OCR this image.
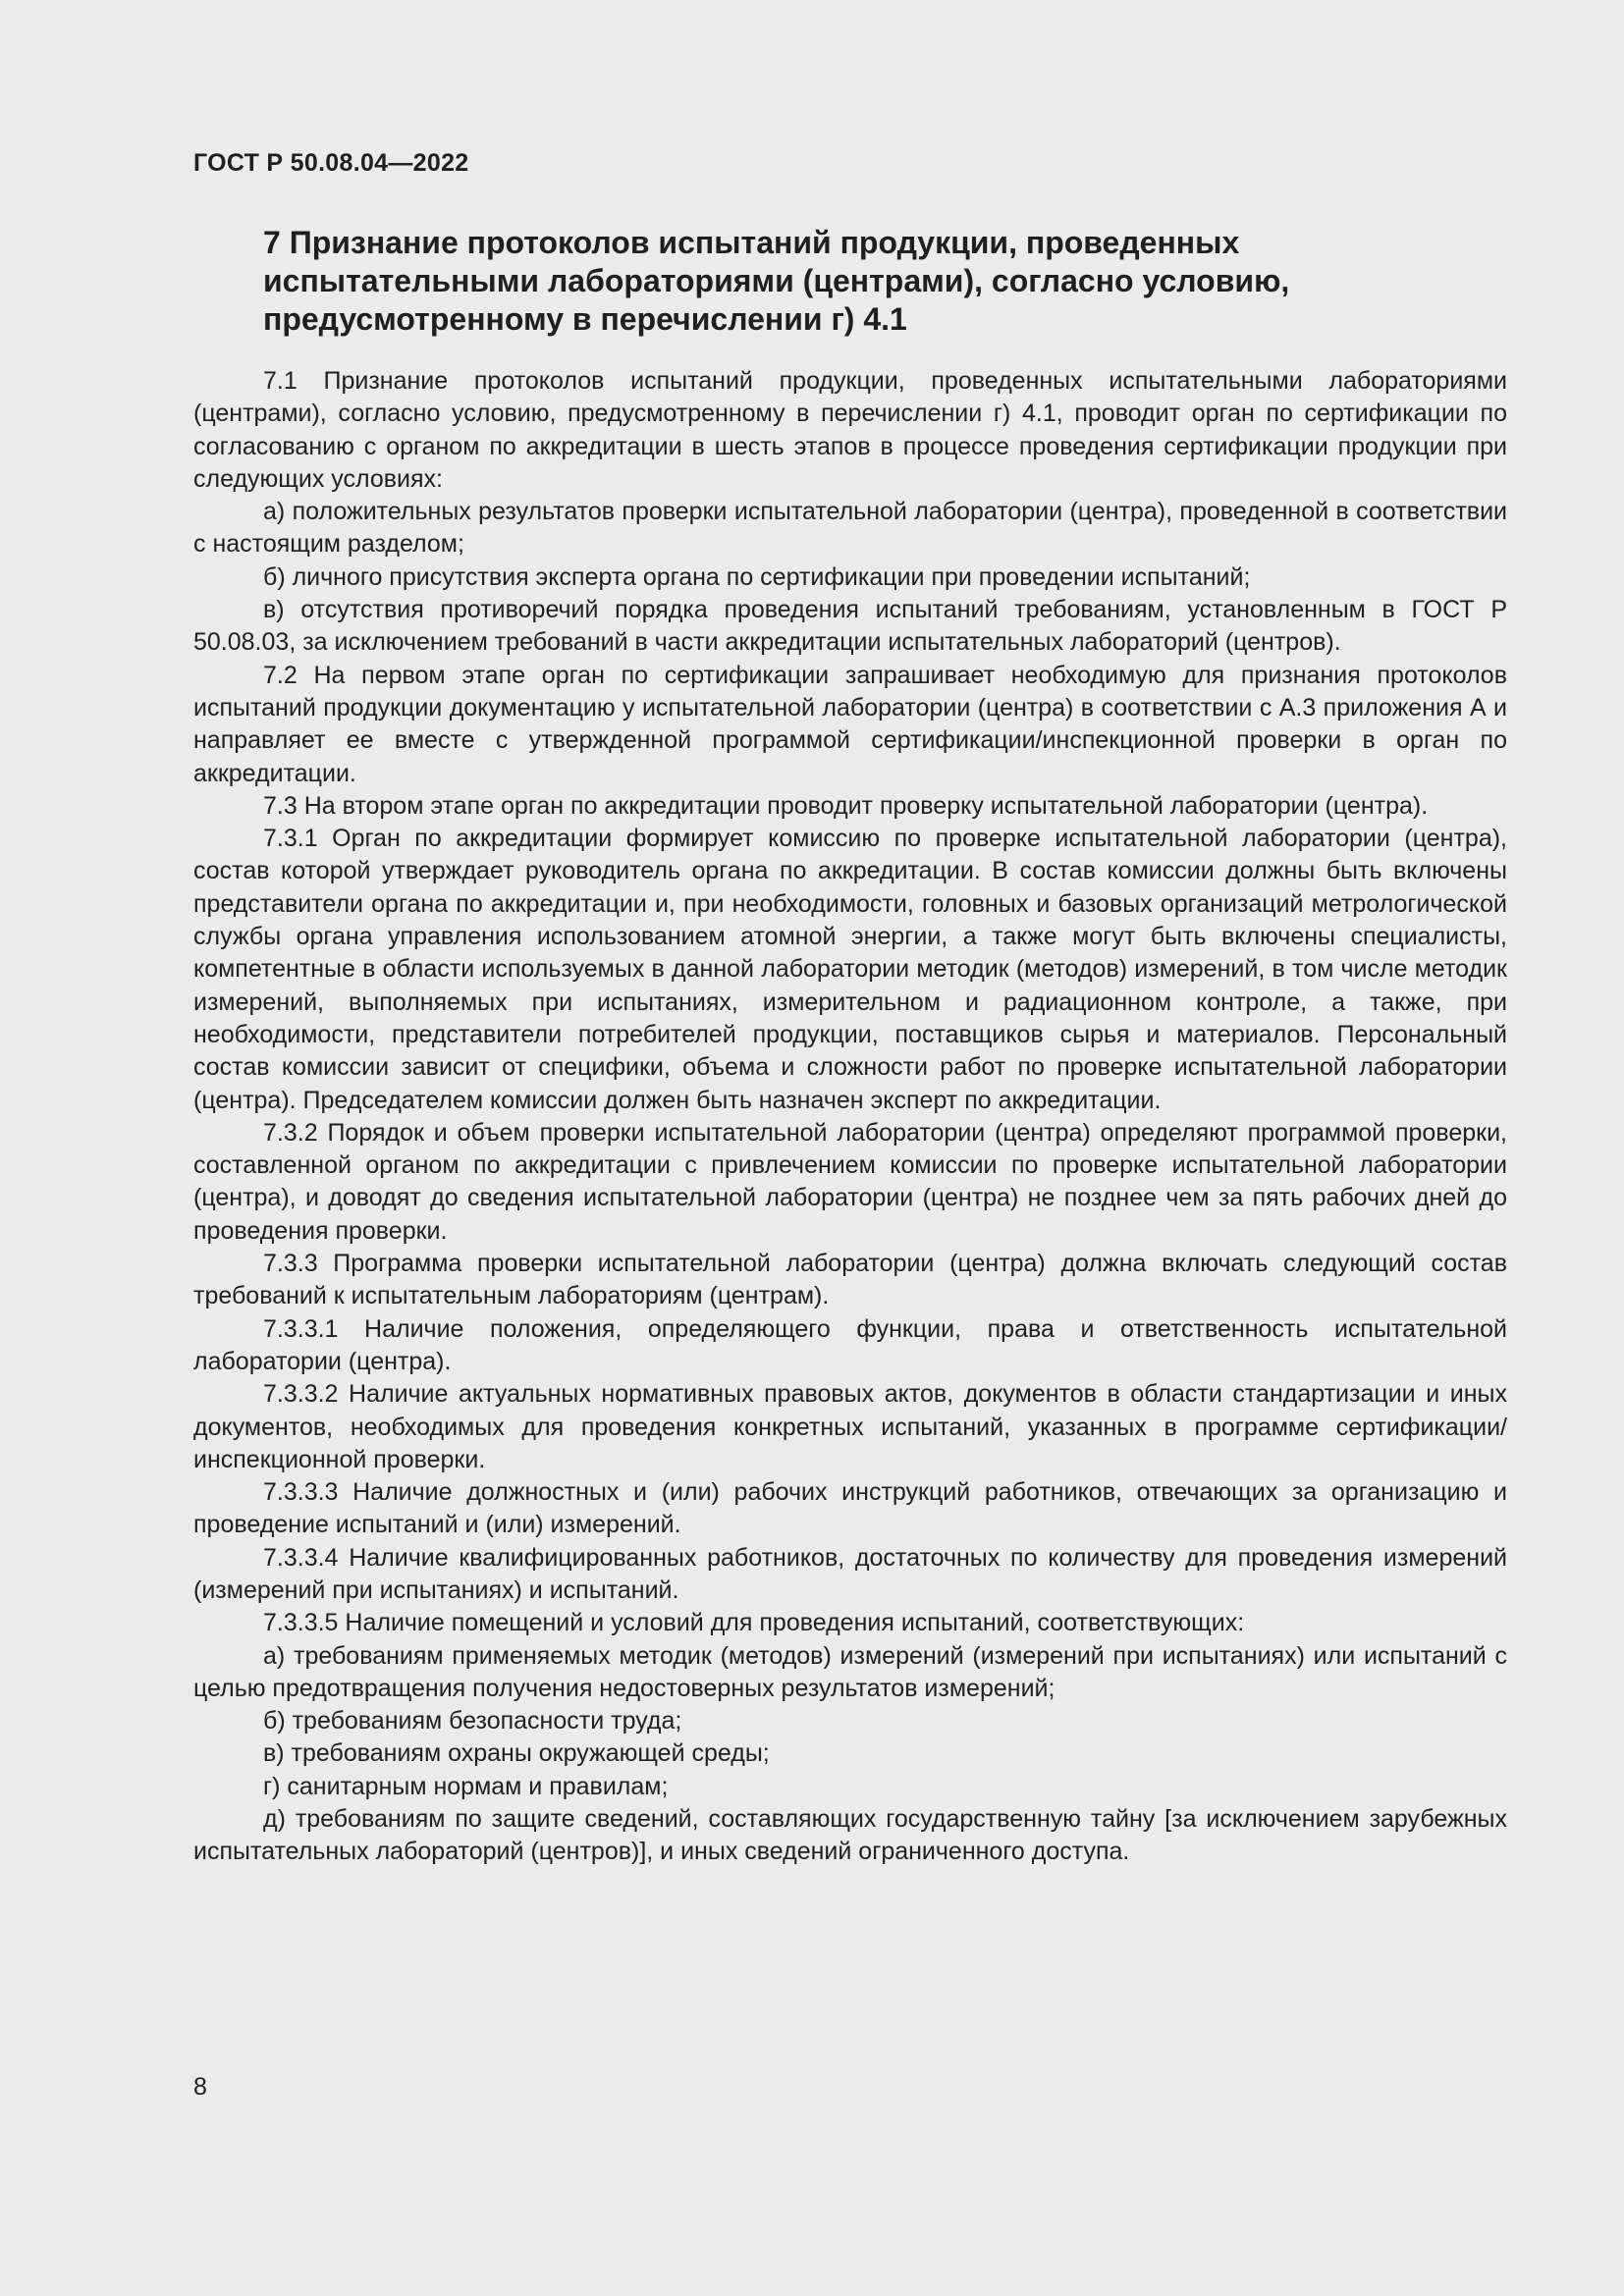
ГОСТ Р 50.08.04—2022
7 Признание протоколов испытаний продукции, проведенных
испытательными лабораториями (центрами), согласно условию,
предусмотренному в перечислении г) 4.1

7.1 Признание протоколов испытаний продукции, проведенных испытательными лабораториями (центрами), согласно условию, предусмотренному в перечислении г) 4.1, проводит орган по сертификации по согласованию с органом по аккредитации в шесть этапов в процессе проведения сертификации продукции при следующих условиях:

а) положительных результатов проверки испытательной лаборатории (центра), проведенной в соответствии с настоящим разделом;

б) личного присутствия эксперта органа по сертификации при проведении испытаний;

в) отсутствия противоречий порядка проведения испытаний требованиям, установленным в ГОСТ Р 50.08.03, за исключением требований в части аккредитации испытательных лабораторий (центров).

7.2 На первом этапе орган по сертификации запрашивает необходимую для признания протоколов испытаний продукции документацию у испытательной лаборатории (центра) в соответствии с А.3 приложения А и направляет ее вместе с утвержденной программой сертификации/инспекционной проверки в орган по аккредитации.

7.3 На втором этапе орган по аккредитации проводит проверку испытательной лаборатории (центра).

7.3.1 Орган по аккредитации формирует комиссию по проверке испытательной лаборатории (центра), состав которой утверждает руководитель органа по аккредитации. В состав комиссии должны быть включены представители органа по аккредитации и, при необходимости, головных и базовых организаций метрологической службы органа управления использованием атомной энергии, а также могут быть включены специалисты, компетентные в области используемых в данной лаборатории методик (методов) измерений, в том числе методик измерений, выполняемых при испытаниях, измерительном и радиационном контроле, а также, при необходимости, представители потребителей продукции, поставщиков сырья и материалов. Персональный состав комиссии зависит от специфики, объема и сложности работ по проверке испытательной лаборатории (центра). Председателем комиссии должен быть назначен эксперт по аккредитации.

7.3.2 Порядок и объем проверки испытательной лаборатории (центра) определяют программой проверки, составленной органом по аккредитации с привлечением комиссии по проверке испытательной лаборатории (центра), и доводят до сведения испытательной лаборатории (центра) не позднее чем за пять рабочих дней до проведения проверки.

7.3.3 Программа проверки испытательной лаборатории (центра) должна включать следующий состав требований к испытательным лабораториям (центрам).

7.3.3.1 Наличие положения, определяющего функции, права и ответственность испытательной лаборатории (центра).

7.3.3.2 Наличие актуальных нормативных правовых актов, документов в области стандартизации и иных документов, необходимых для проведения конкретных испытаний, указанных в программе сертификации/инспекционной проверки.

7.3.3.3 Наличие должностных и (или) рабочих инструкций работников, отвечающих за организацию и проведение испытаний и (или) измерений.

7.3.3.4 Наличие квалифицированных работников, достаточных по количеству для проведения измерений (измерений при испытаниях) и испытаний.

7.3.3.5 Наличие помещений и условий для проведения испытаний, соответствующих:

а) требованиям применяемых методик (методов) измерений (измерений при испытаниях) или испытаний с целью предотвращения получения недостоверных результатов измерений;

б) требованиям безопасности труда;

в) требованиям охраны окружающей среды;

г) санитарным нормам и правилам;

д) требованиям по защите сведений, составляющих государственную тайну [за исключением зарубежных испытательных лабораторий (центров)], и иных сведений ограниченного доступа.

8
